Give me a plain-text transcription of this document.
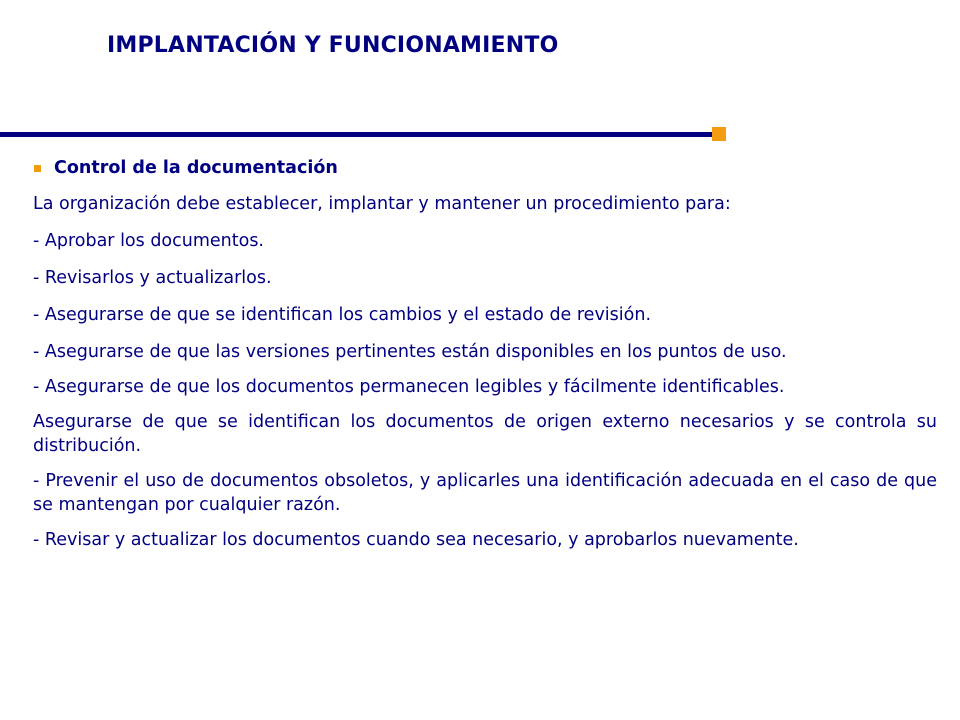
IMPLANTACIÓN Y FUNCIONAMIENTO
Control de la documentación

La organización debe establecer, implantar y mantener un procedimiento para:

- Aprobar los documentos.

- Revisarlos y actualizarlos.

- Asegurarse de que se identifican los cambios y el estado de revisión.

- Asegurarse de que las versiones pertinentes están disponibles en los puntos de uso.

- Asegurarse de que los documentos permanecen legibles y fácilmente identificables.

Asegurarse de que se identifican los documentos de origen externo necesarios y se controla su distribución.

- Prevenir el uso de documentos obsoletos, y aplicarles una identificación adecuada en el caso de que se mantengan por cualquier razón.

- Revisar y actualizar los documentos cuando sea necesario, y aprobarlos nuevamente.
